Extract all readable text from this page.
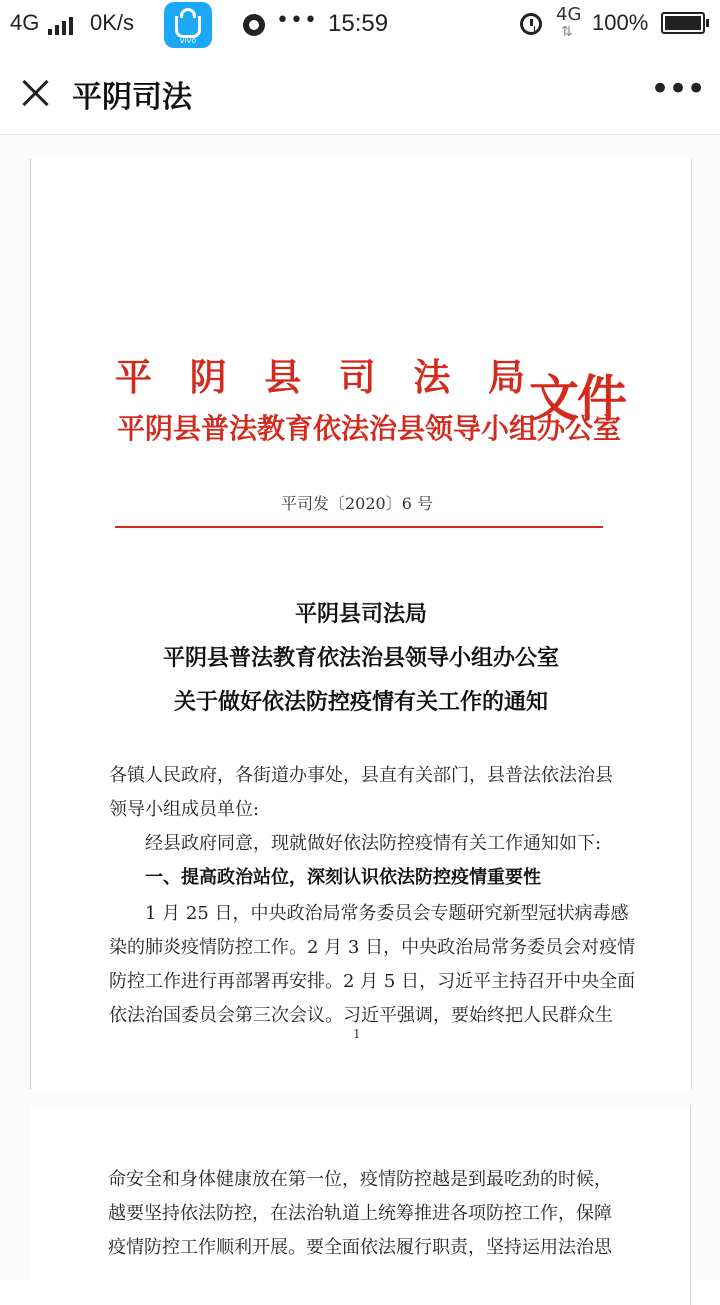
4G 0K/s
vivo
••• 15:59	4G
⇅ 100%
平阴司法	•••
平 阴 县 司 法 局
平阴县普法教育依法治县领导小组办公室
文件
平司发〔2020〕6 号
平阴县司法局
平阴县普法教育依法治县领导小组办公室
关于做好依法防控疫情有关工作的通知
各镇人民政府，各街道办事处，县直有关部门，县普法依法治县
领导小组成员单位:
经县政府同意，现就做好依法防控疫情有关工作通知如下:
一、提高政治站位，深刻认识依法防控疫情重要性
1 月 25 日，中央政治局常务委员会专题研究新型冠状病毒感
染的肺炎疫情防控工作。2 月 3 日，中央政治局常务委员会对疫情
防控工作进行再部署再安排。2 月 5 日，习近平主持召开中央全面
依法治国委员会第三次会议。习近平强调，要始终把人民群众生
1
命安全和身体健康放在第一位，疫情防控越是到最吃劲的时候，
越要坚持依法防控，在法治轨道上统筹推进各项防控工作，保障
疫情防控工作顺利开展。要全面依法履行职责，坚持运用法治思
